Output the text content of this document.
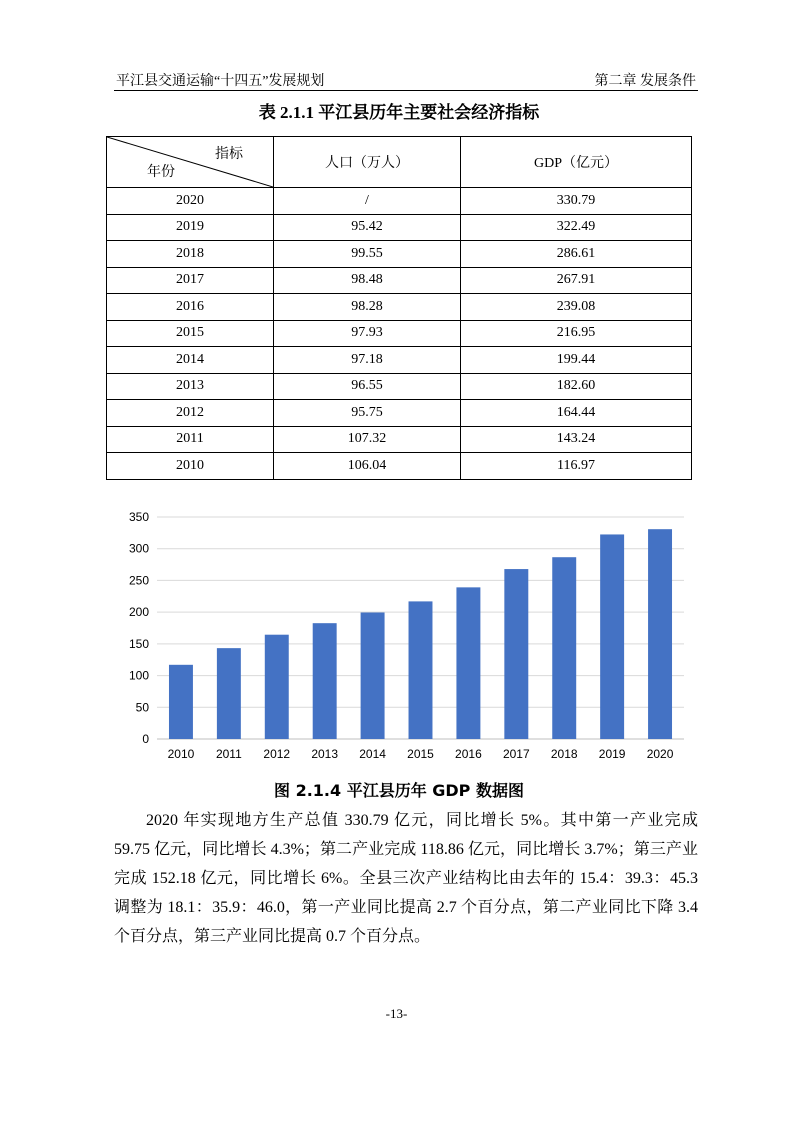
平江县交通运输“十四五”发展规划	第二章 发展条件
表 2.1.1 平江县历年主要社会经济指标
指标
年份	人口（万人）	GDP（亿元）
2020	/	330.79
2019	95.42	322.49
2018	99.55	286.61
2017	98.48	267.91
2016	98.28	239.08
2015	97.93	216.95
2014	97.18	199.44
2013	96.55	182.60
2012	95.75	164.44
2011	107.32	143.24
2010	106.04	116.97
0
50
100
150
200
250
300
350
2010 2011 2012 2013 2014 2015 2016 2017 2018 2019 2020
图 2.1.4 平江县历年 GDP 数据图
2020 年实现地方生产总值 330.79 亿元，同比增长 5%。其中第一产业完成 59.75 亿元，同比增长 4.3%；第二产业完成 118.86 亿元，同比增长 3.7%；第三产业完成 152.18 亿元，同比增长 6%。全县三次产业结构比由去年的 15.4：39.3：45.3 调整为 18.1：35.9：46.0，第一产业同比提高 2.7 个百分点，第二产业同比下降 3.4 个百分点，第三产业同比提高 0.7 个百分点。
-13-
